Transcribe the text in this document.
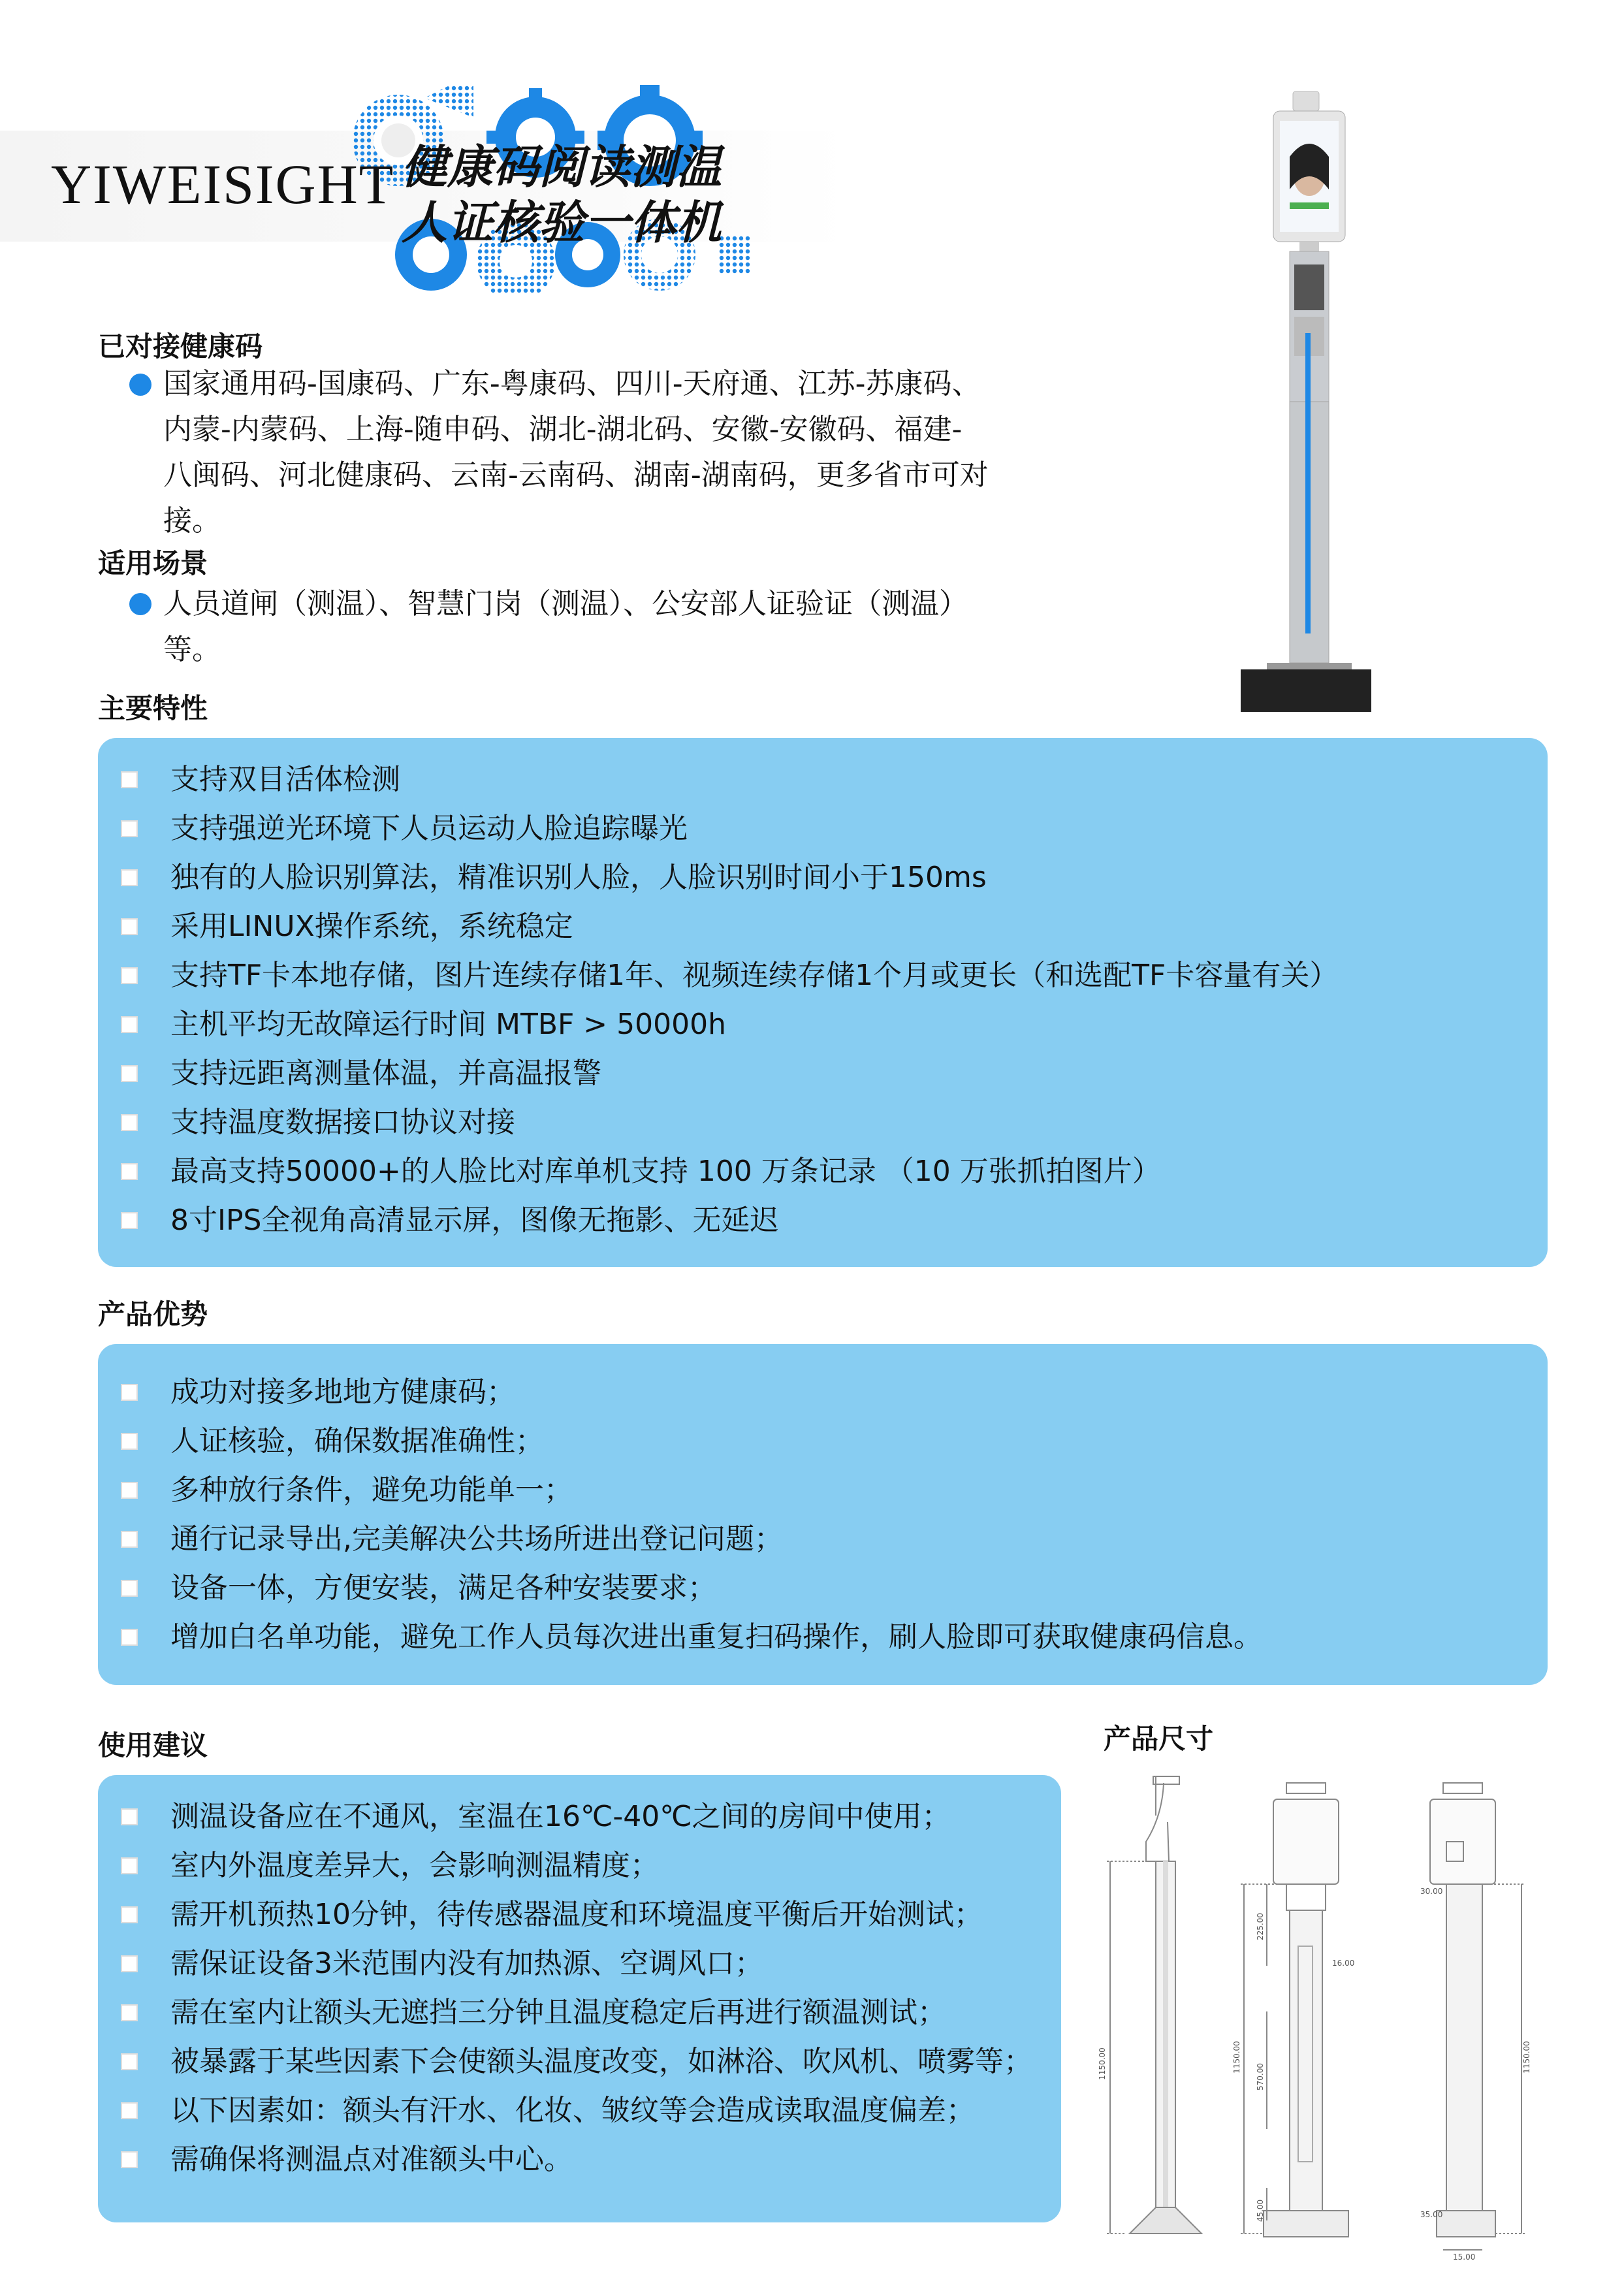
YIWEISIGHT 健康码阅读测温
人证核验一体机
已对接健康码
国家通用码-国康码、广东-粤康码、四川-天府通、江苏-苏康码、
内蒙-内蒙码、上海-随申码、湖北-湖北码、安徽-安徽码、福建-
八闽码、河北健康码、云南-云南码、湖南-湖南码，更多省市可对
接。
适用场景
人员道闸（测温）、智慧门岗（测温）、公安部人证验证（测温）
等。
主要特性
支持双目活体检测
支持强逆光环境下人员运动人脸追踪曝光
独有的人脸识别算法，精准识别人脸，人脸识别时间小于150ms
采用LINUX操作系统，系统稳定
支持TF卡本地存储，图片连续存储1年、视频连续存储1个月或更长（和选配TF卡容量有关）
主机平均无故障运行时间 MTBF > 50000h
支持远距离测量体温，并高温报警
支持温度数据接口协议对接
最高支持50000+的人脸比对库单机支持 100 万条记录 （10 万张抓拍图片）
8寸IPS全视角高清显示屏，图像无拖影、无延迟
产品优势
成功对接多地地方健康码；
人证核验，确保数据准确性；
多种放行条件，避免功能单一；
通行记录导出,完美解决公共场所进出登记问题；
设备一体，方便安装，满足各种安装要求；
增加白名单功能，避免工作人员每次进出重复扫码操作，刷人脸即可获取健康码信息。
使用建议
测温设备应在不通风，室温在16℃-40℃之间的房间中使用；
室内外温度差异大，会影响测温精度；
需开机预热10分钟，待传感器温度和环境温度平衡后开始测试；
需保证设备3米范围内没有加热源、空调风口；
需在室内让额头无遮挡三分钟且温度稳定后再进行额温测试；
被暴露于某些因素下会使额头温度改变，如淋浴、吹风机、喷雾等；
以下因素如：额头有汗水、化妆、皱纹等会造成读取温度偏差；
需确保将测温点对准额头中心。
产品尺寸
1150.00	1150.00
225.00
570.00
45.00
16.00
1150.00
30.00
35.00
15.00
